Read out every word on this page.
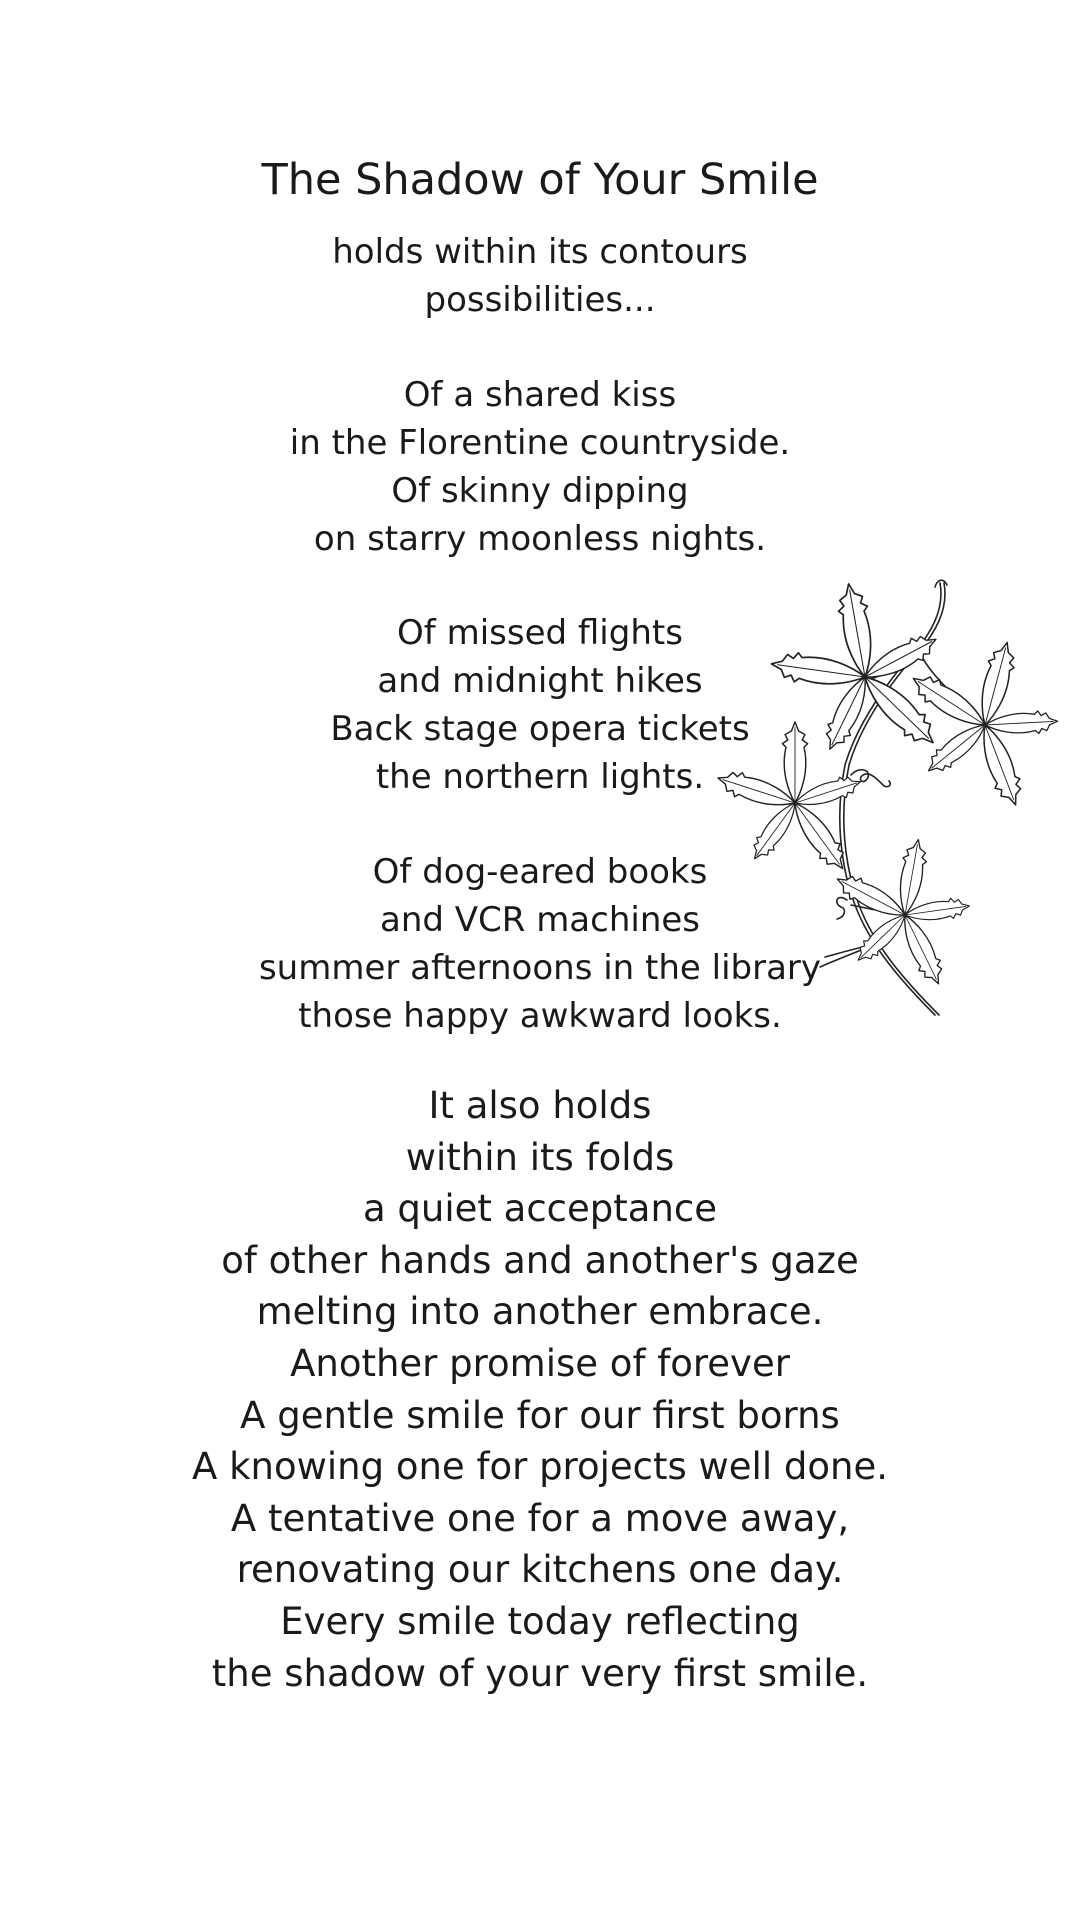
The Shadow of Your Smile
holds within its contours
possibilities...
Of a shared kiss
in the Florentine countryside.
Of skinny dipping
on starry moonless nights.
Of missed flights
and midnight hikes
Back stage opera tickets
the northern lights.
Of dog-eared books
and VCR machines
summer afternoons in the library
those happy awkward looks.
It also holds
within its folds
a quiet acceptance
of other hands and another's gaze
melting into another embrace.
Another promise of forever
A gentle smile for our first borns
A knowing one for projects well done.
A tentative one for a move away,
renovating our kitchens one day.
Every smile today reflecting
the shadow of your very first smile.
